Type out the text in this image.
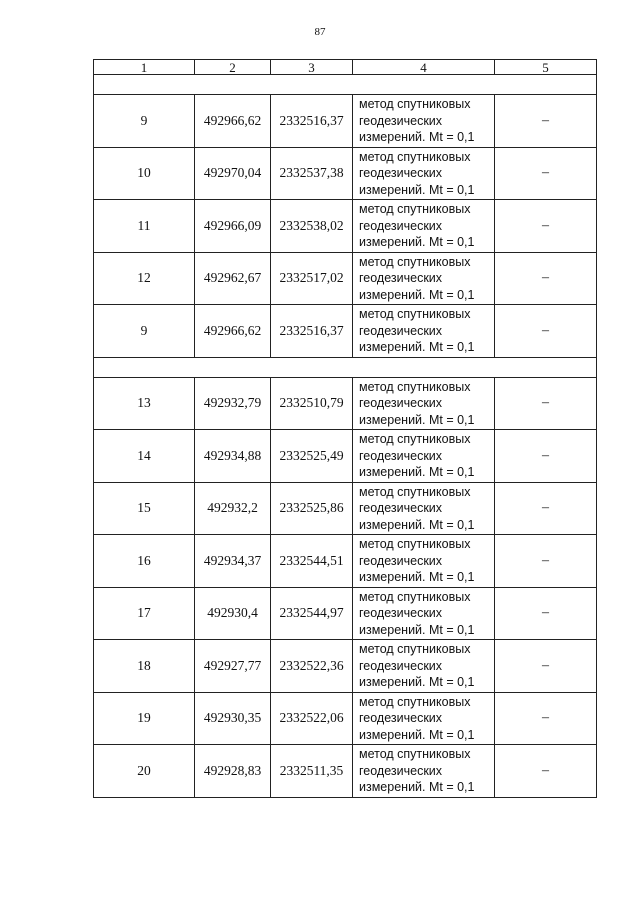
87
1	2	3	4	5

9	492966,62	2332516,37	метод спутниковых геодезических измерений. Mt = 0,1	–
10	492970,04	2332537,38	метод спутниковых геодезических измерений. Mt = 0,1	–
11	492966,09	2332538,02	метод спутниковых геодезических измерений. Mt = 0,1	–
12	492962,67	2332517,02	метод спутниковых геодезических измерений. Mt = 0,1	–
9	492966,62	2332516,37	метод спутниковых геодезических измерений. Mt = 0,1	–

13	492932,79	2332510,79	метод спутниковых геодезических измерений. Mt = 0,1	–
14	492934,88	2332525,49	метод спутниковых геодезических измерений. Mt = 0,1	–
15	492932,2	2332525,86	метод спутниковых геодезических измерений. Mt = 0,1	–
16	492934,37	2332544,51	метод спутниковых геодезических измерений. Mt = 0,1	–
17	492930,4	2332544,97	метод спутниковых геодезических измерений. Mt = 0,1	–
18	492927,77	2332522,36	метод спутниковых геодезических измерений. Mt = 0,1	–
19	492930,35	2332522,06	метод спутниковых геодезических измерений. Mt = 0,1	–
20	492928,83	2332511,35	метод спутниковых геодезических измерений. Mt = 0,1	–
